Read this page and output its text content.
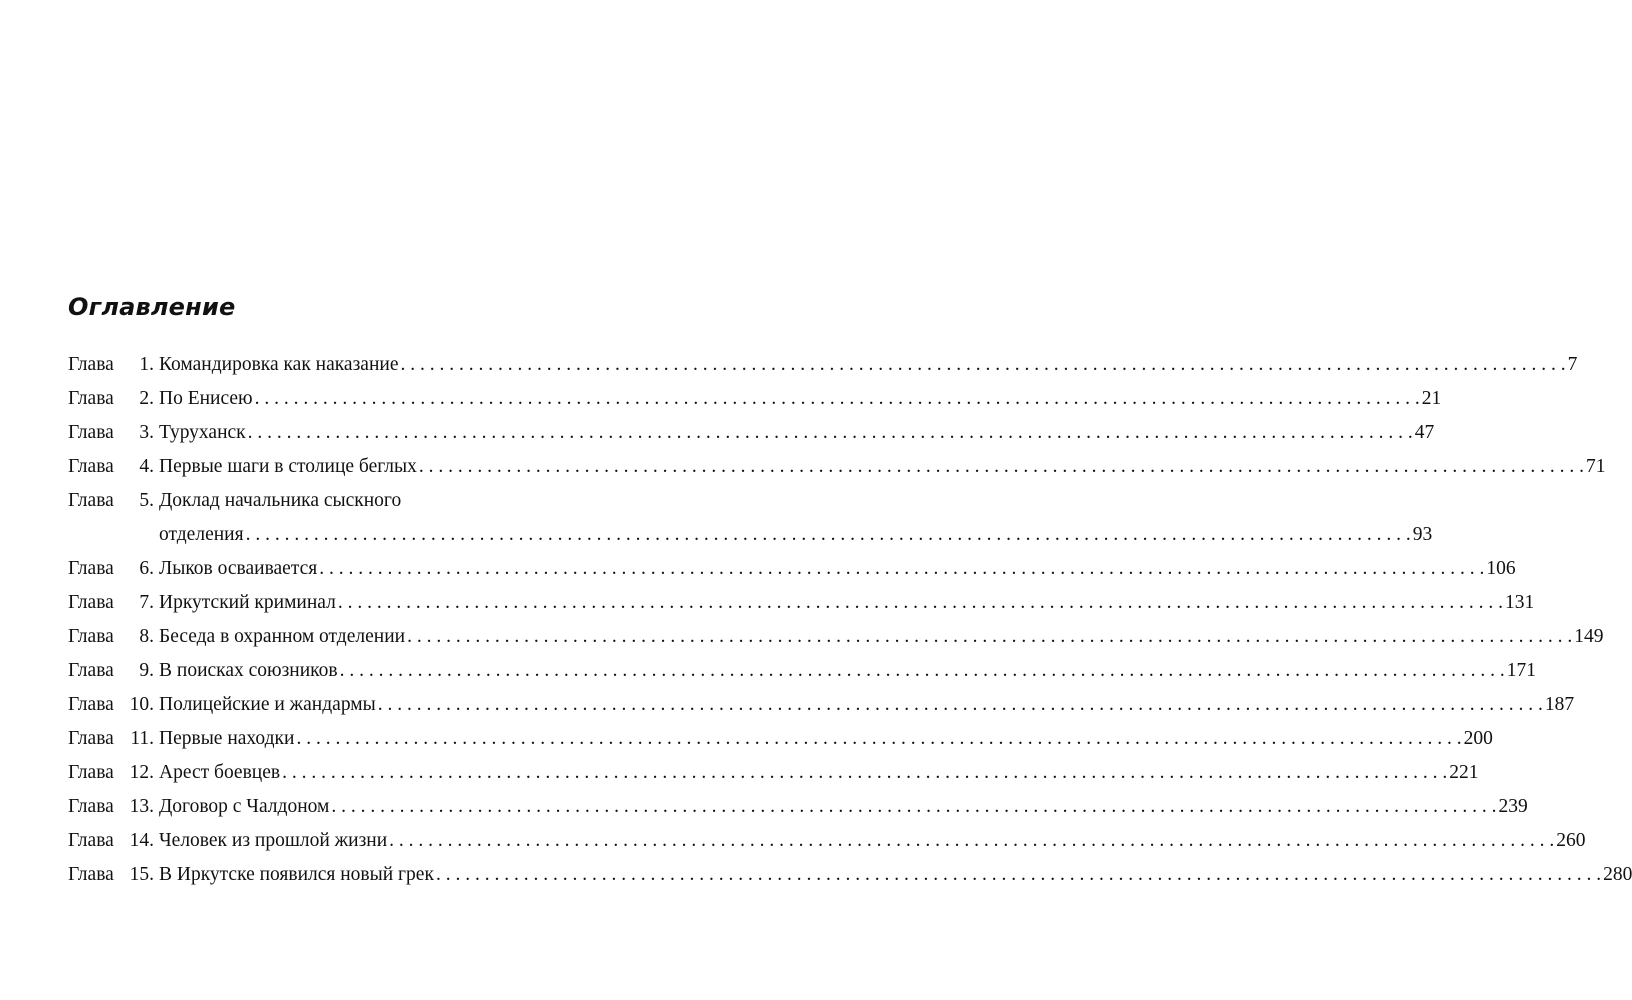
Оглавление
Глава	1. Командировка как наказание . . . . . . . . . . . . . . . . . . . . . . . . . . . . . . . . . . . . . . . . . . . . . . . . . . . . . . . . . . . . . . . . . . . . . . . . . . . . . . . . . . . . . . . . . . . . . . . . . . . . . . . . . . . . . . . . . . . . . . . . 7
Глава	2. По Енисею . . . . . . . . . . . . . . . . . . . . . . . . . . . . . . . . . . . . . . . . . . . . . . . . . . . . . . . . . . . . . . . . . . . . . . . . . . . . . . . . . . . . . . . . . . . . . . . . . . . . . . . . . . . . . . . . . . . . . . . . 21
Глава	3. Туруханск . . . . . . . . . . . . . . . . . . . . . . . . . . . . . . . . . . . . . . . . . . . . . . . . . . . . . . . . . . . . . . . . . . . . . . . . . . . . . . . . . . . . . . . . . . . . . . . . . . . . . . . . . . . . . . . . . . . . . . . . 47
Глава	4. Первые шаги в столице беглых . . . . . . . . . . . . . . . . . . . . . . . . . . . . . . . . . . . . . . . . . . . . . . . . . . . . . . . . . . . . . . . . . . . . . . . . . . . . . . . . . . . . . . . . . . . . . . . . . . . . . . . . . . . . . . . . . . . . . . . . 71
Глава	5. Доклад начальника сыскного
отделения . . . . . . . . . . . . . . . . . . . . . . . . . . . . . . . . . . . . . . . . . . . . . . . . . . . . . . . . . . . . . . . . . . . . . . . . . . . . . . . . . . . . . . . . . . . . . . . . . . . . . . . . . . . . . . . . . . . . . . . . 93
Глава	6. Лыков осваивается . . . . . . . . . . . . . . . . . . . . . . . . . . . . . . . . . . . . . . . . . . . . . . . . . . . . . . . . . . . . . . . . . . . . . . . . . . . . . . . . . . . . . . . . . . . . . . . . . . . . . . . . . . . . . . . . . . . . . . . . 106
Глава	7. Иркутский криминал . . . . . . . . . . . . . . . . . . . . . . . . . . . . . . . . . . . . . . . . . . . . . . . . . . . . . . . . . . . . . . . . . . . . . . . . . . . . . . . . . . . . . . . . . . . . . . . . . . . . . . . . . . . . . . . . . . . . . . . . 131
Глава	8. Беседа в охранном отделении . . . . . . . . . . . . . . . . . . . . . . . . . . . . . . . . . . . . . . . . . . . . . . . . . . . . . . . . . . . . . . . . . . . . . . . . . . . . . . . . . . . . . . . . . . . . . . . . . . . . . . . . . . . . . . . . . . . . . . . . 149
Глава	9. В поисках союзников . . . . . . . . . . . . . . . . . . . . . . . . . . . . . . . . . . . . . . . . . . . . . . . . . . . . . . . . . . . . . . . . . . . . . . . . . . . . . . . . . . . . . . . . . . . . . . . . . . . . . . . . . . . . . . . . . . . . . . . . 171
Глава 10. Полицейские и жандармы . . . . . . . . . . . . . . . . . . . . . . . . . . . . . . . . . . . . . . . . . . . . . . . . . . . . . . . . . . . . . . . . . . . . . . . . . . . . . . . . . . . . . . . . . . . . . . . . . . . . . . . . . . . . . . . . . . . . . . . . 187
Глава 11. Первые находки . . . . . . . . . . . . . . . . . . . . . . . . . . . . . . . . . . . . . . . . . . . . . . . . . . . . . . . . . . . . . . . . . . . . . . . . . . . . . . . . . . . . . . . . . . . . . . . . . . . . . . . . . . . . . . . . . . . . . . . . 200
Глава 12. Арест боевцев . . . . . . . . . . . . . . . . . . . . . . . . . . . . . . . . . . . . . . . . . . . . . . . . . . . . . . . . . . . . . . . . . . . . . . . . . . . . . . . . . . . . . . . . . . . . . . . . . . . . . . . . . . . . . . . . . . . . . . . . 221
Глава 13. Договор с Чалдоном . . . . . . . . . . . . . . . . . . . . . . . . . . . . . . . . . . . . . . . . . . . . . . . . . . . . . . . . . . . . . . . . . . . . . . . . . . . . . . . . . . . . . . . . . . . . . . . . . . . . . . . . . . . . . . . . . . . . . . . . 239
Глава 14. Человек из прошлой жизни . . . . . . . . . . . . . . . . . . . . . . . . . . . . . . . . . . . . . . . . . . . . . . . . . . . . . . . . . . . . . . . . . . . . . . . . . . . . . . . . . . . . . . . . . . . . . . . . . . . . . . . . . . . . . . . . . . . . . . . . 260
Глава 15. В Иркутске появился новый грек . . . . . . . . . . . . . . . . . . . . . . . . . . . . . . . . . . . . . . . . . . . . . . . . . . . . . . . . . . . . . . . . . . . . . . . . . . . . . . . . . . . . . . . . . . . . . . . . . . . . . . . . . . . . . . . . . . . . . . . . 280
